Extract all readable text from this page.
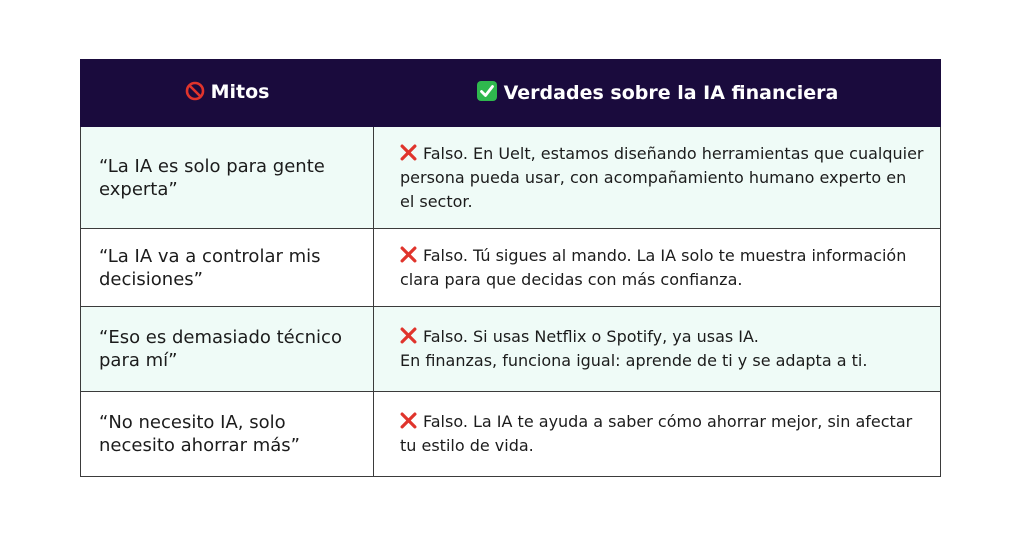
Mitos	Verdades sobre la IA financiera
“La IA es solo para gente experta”	Falso. En Uelt, estamos diseñando herramientas que cualquier persona pueda usar, con acompañamiento humano experto en el sector.

“La IA va a controlar mis decisiones”	Falso. Tú sigues al mando. La IA solo te muestra información clara para que decidas con más confianza.

“Eso es demasiado técnico para mí”	Falso. Si usas Netflix o Spotify, ya usas IA.
En finanzas, funciona igual: aprende de ti y se adapta a ti.

“No necesito IA, solo necesito ahorrar más”	Falso. La IA te ayuda a saber cómo ahorrar mejor, sin afectar tu estilo de vida.
